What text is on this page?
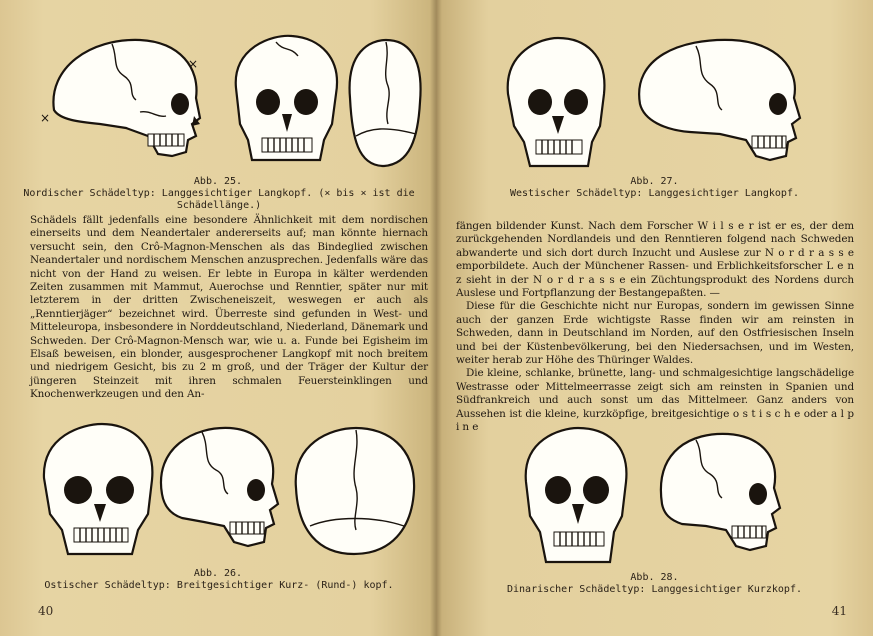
×
×
Abb. 25.
Nordischer Schädeltyp: Langgesichtiger Langkopf. (× bis × ist die Schädellänge.)

Schädels fällt jedenfalls eine besondere Ähnlichkeit mit dem nordischen einerseits und dem Neandertaler andererseits auf; man könnte hiernach versucht sein, den Crô-Magnon-Menschen als das Bindeglied zwischen Neandertaler und nordischem Menschen anzusprechen. Jedenfalls wäre das nicht von der Hand zu weisen. Er lebte in Europa in kälter werdenden Zeiten zusammen mit Mammut, Auerochse und Renntier, später nur mit letzterem in der dritten Zwischeneiszeit, weswegen er auch als „Renntierjäger“ bezeichnet wird. Überreste sind gefunden in West- und Mitteleuropa, insbesondere in Norddeutschland, Niederland, Dänemark und Schweden. Der Crô-Magnon-Mensch war, wie u. a. Funde bei Egisheim im Elsaß beweisen, ein blonder, ausgesprochener Langkopf mit noch breitem und niedrigem Gesicht, bis zu 2 m groß, und der Träger der Kultur der jüngeren Steinzeit mit ihren schmalen Feuersteinklingen und Knochenwerkzeugen und den An-

Abb. 26.
Ostischer Schädeltyp: Breitgesichtiger Kurz- (Rund-) kopf.
40
Abb. 27.
Westischer Schädeltyp: Langgesichtiger Langkopf.

fängen bildender Kunst. Nach dem Forscher W i l s e r ist er es, der dem zurückgehenden Nordlandeis und den Renntieren folgend nach Schweden abwanderte und sich dort durch Inzucht und Auslese zur N o r d r a s s e emporbildete. Auch der Münchener Rassen- und Erblichkeitsforscher L e n z sieht in der N o r d r a s s e ein Züchtungsprodukt des Nordens durch Auslese und Fortpflanzung der Bestangepaßten. —

Diese für die Geschichte nicht nur Europas, sondern im gewissen Sinne auch der ganzen Erde wichtigste Rasse finden wir am reinsten in Schweden, dann in Deutschland im Norden, auf den Ostfriesischen Inseln und bei der Küstenbevölkerung, bei den Niedersachsen, und im Westen, weiter herab zur Höhe des Thüringer Waldes.

Die kleine, schlanke, brünette, lang- und schmalgesichtige langschädelige Westrasse oder Mittelmeerrasse zeigt sich am reinsten in Spanien und Südfrankreich und auch sonst um das Mittelmeer. Ganz anders von Aussehen ist die kleine, kurzköpfige, breitgesichtige o s t i s c h e oder a l p i n e

Abb. 28.
Dinarischer Schädeltyp: Langgesichtiger Kurzkopf.
41
